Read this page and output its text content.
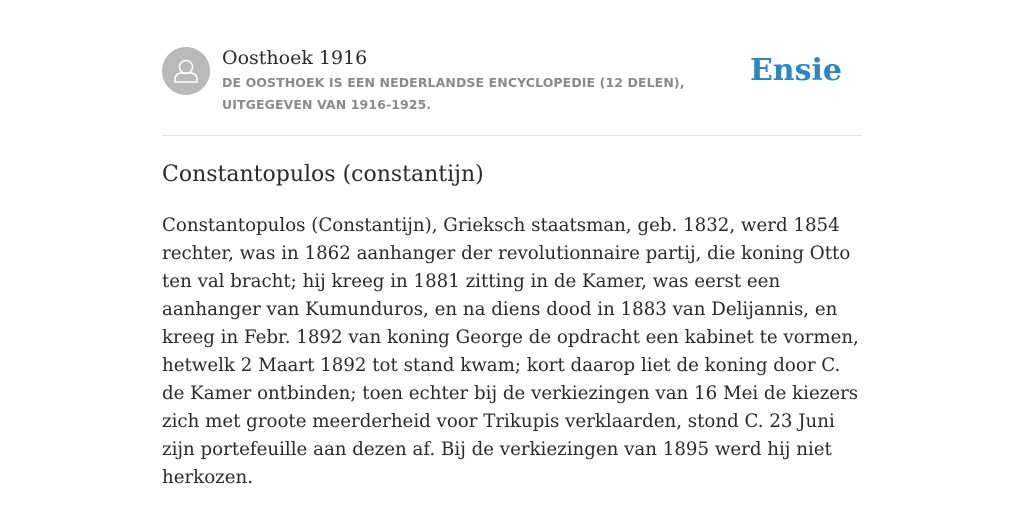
Oosthoek 1916
DE OOSTHOEK IS EEN NEDERLANDSE ENCYCLOPEDIE (12 DELEN), UITGEGEVEN VAN 1916-1925.
Ensie
Constantopulos (constantijn)

Constantopulos (Constantijn), Grieksch staatsman, geb. 1832, werd 1854 rechter, was in 1862 aanhanger der revolutionnaire partij, die koning Otto ten val bracht; hij kreeg in 1881 zitting in de Kamer, was eerst een aanhanger van Kumunduros, en na diens dood in 1883 van Delijannis, en kreeg in Febr. 1892 van koning George de opdracht een kabinet te vormen, hetwelk 2 Maart 1892 tot stand kwam; kort daarop liet de koning door C. de Kamer ontbinden; toen echter bij de verkiezingen van 16 Mei de kiezers zich met groote meerderheid voor Trikupis verklaarden, stond C. 23 Juni zijn portefeuille aan dezen af. Bij de verkiezingen van 1895 werd hij niet herkozen.
